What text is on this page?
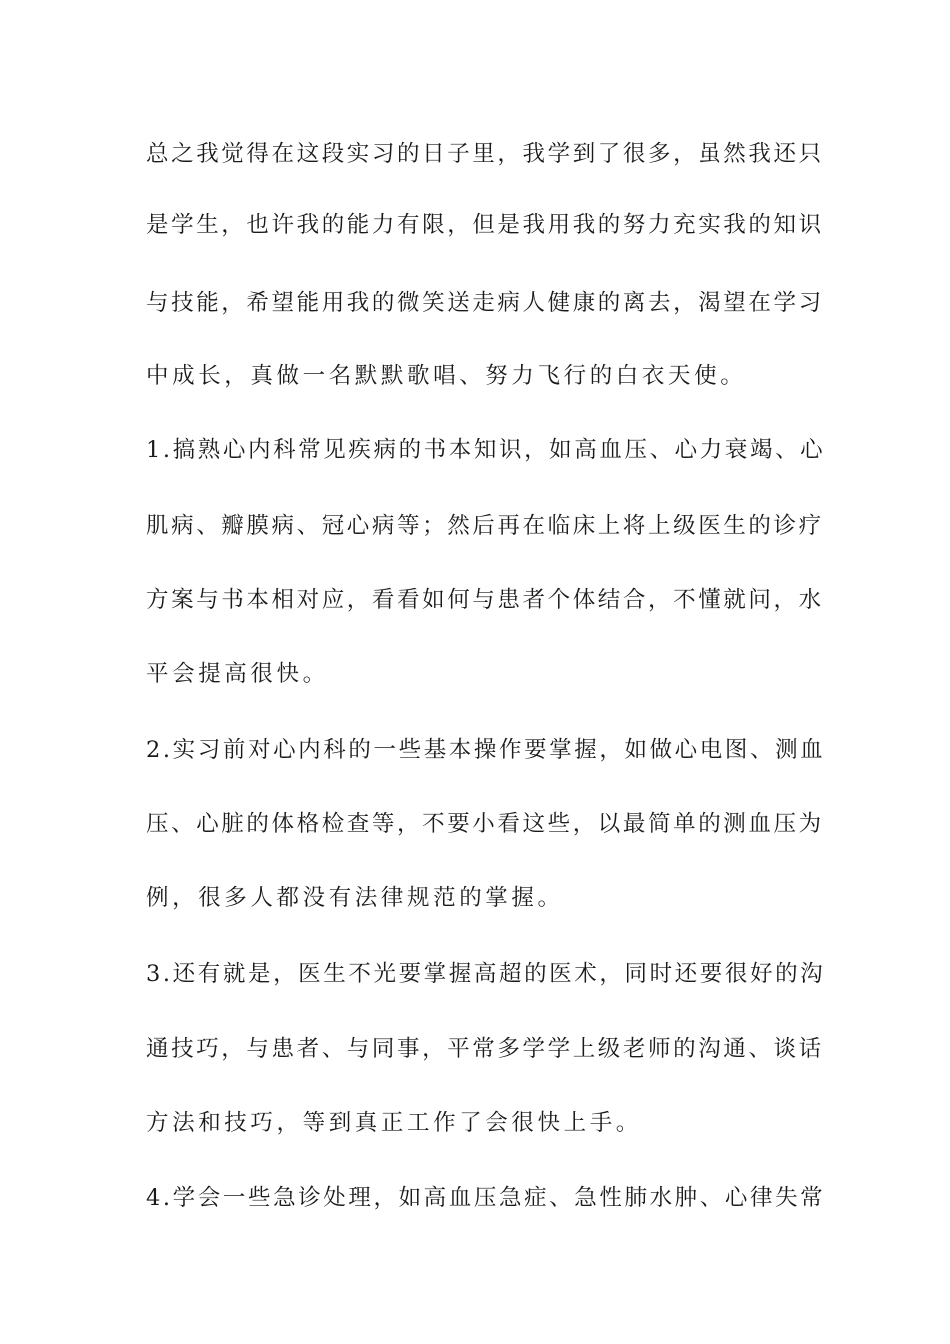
总之我觉得在这段实习的日子里，我学到了很多，虽然我还只
是学生，也许我的能力有限，但是我用我的努力充实我的知识
与技能，希望能用我的微笑送走病人健康的离去，渴望在学习
中成长，真做一名默默歌唱、努力飞行的白衣天使。
1.搞熟心内科常见疾病的书本知识，如高血压、心力衰竭、心
肌病、瓣膜病、冠心病等；然后再在临床上将上级医生的诊疗
方案与书本相对应，看看如何与患者个体结合，不懂就问，水
平会提高很快。
2.实习前对心内科的一些基本操作要掌握，如做心电图、测血
压、心脏的体格检查等，不要小看这些，以最简单的测血压为
例，很多人都没有法律规范的掌握。
3.还有就是，医生不光要掌握高超的医术，同时还要很好的沟
通技巧，与患者、与同事，平常多学学上级老师的沟通、谈话
方法和技巧，等到真正工作了会很快上手。
4.学会一些急诊处理，如高血压急症、急性肺水肿、心律失常
